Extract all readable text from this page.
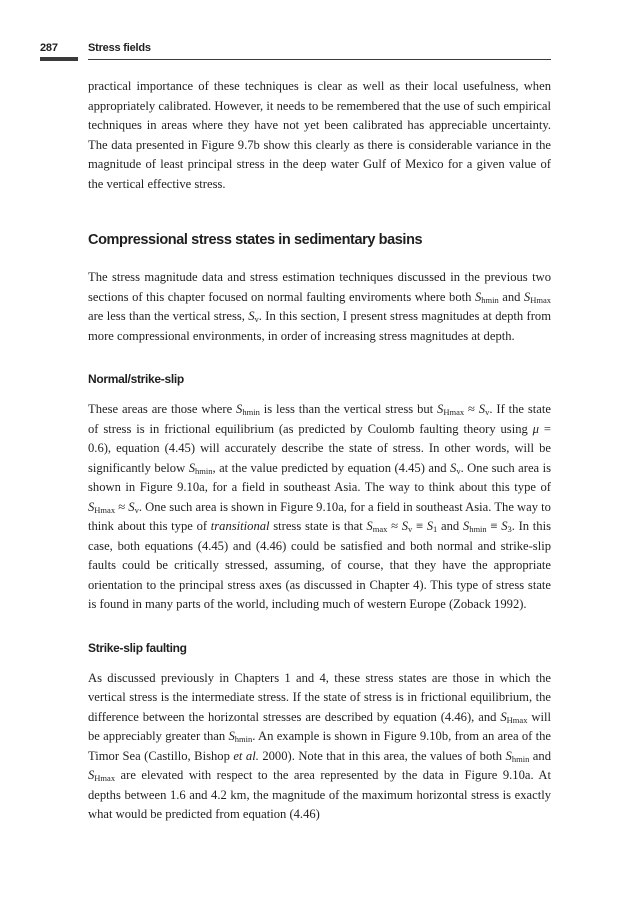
287	Stress fields

practical importance of these techniques is clear as well as their local usefulness, when appropriately calibrated. However, it needs to be remembered that the use of such empirical techniques in areas where they have not yet been calibrated has appreciable uncertainty. The data presented in Figure 9.7b show this clearly as there is considerable variance in the magnitude of least principal stress in the deep water Gulf of Mexico for a given value of the vertical effective stress.

Compressional stress states in sedimentary basins

The stress magnitude data and stress estimation techniques discussed in the previous two sections of this chapter focused on normal faulting enviroments where both $S_{hmin}$ and $S_{Hmax}$ are less than the vertical stress, $S_v$. In this section, I present stress magnitudes at depth from more compressional environments, in order of increasing stress magnitudes at depth.

Normal/strike-slip

These areas are those where $S_{hmin}$ is less than the vertical stress but $S_{Hmax} \approx S_v$. If the state of stress is in frictional equilibrium (as predicted by Coulomb faulting theory using μ = 0.6), equation (4.45) will accurately describe the state of stress. In other words, will be significantly below $S_{hmin}$, at the value predicted by equation (4.45) and $S_v$. One such area is shown in Figure 9.10a, for a field in southeast Asia. The way to think about this type of $S_{Hmax} \approx S_v$. One such area is shown in Figure 9.10a, for a field in southeast Asia. The way to think about this type of transitional stress state is that $S_{max} \approx S_v \equiv S_1$ and $S_{hmin} \equiv S_3$. In this case, both equations (4.45) and (4.46) could be satisfied and both normal and strike-slip faults could be critically stressed, assuming, of course, that they have the appropriate orientation to the principal stress axes (as discussed in Chapter 4). This type of stress state is found in many parts of the world, including much of western Europe (Zoback 1992).

Strike-slip faulting

As discussed previously in Chapters 1 and 4, these stress states are those in which the vertical stress is the intermediate stress. If the state of stress is in frictional equilibrium, the difference between the horizontal stresses are described by equation (4.46), and $S_{Hmax}$ will be appreciably greater than $S_{hmin}$. An example is shown in Figure 9.10b, from an area of the Timor Sea (Castillo, Bishop et al. 2000). Note that in this area, the values of both $S_{hmin}$ and $S_{Hmax}$ are elevated with respect to the area represented by the data in Figure 9.10a. At depths between 1.6 and 4.2 km, the magnitude of the maximum horizontal stress is exactly what would be predicted from equation (4.46)
